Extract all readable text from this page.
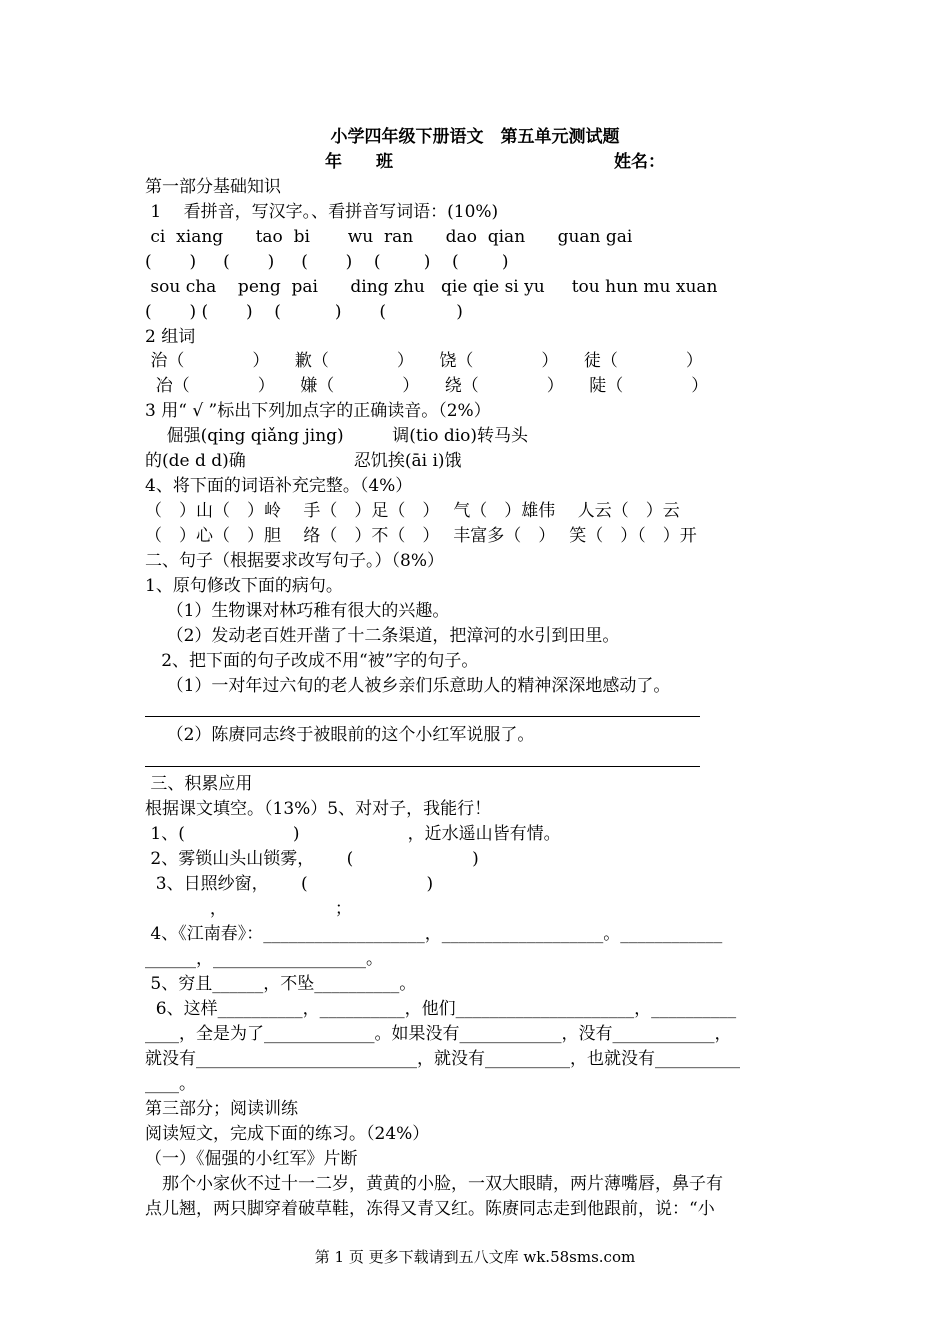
小学四年级下册语文　第五单元测试题
年　　班　　　　　　　　　　　　　姓名：
第一部分基础知识
1　 看拼音，写汉字。、看拼音写词语：(10%)
ci  xiang      tao  bi       wu  ran      dao  qian      guan gai
(       )     (       )     (       )    (        )    (        )
sou cha    peng  pai      ding zhu   qie qie si yu     tou hun mu xuan
(       ) (       )    (          )       (             )
2 组词
治（　　　　）　　歉（　　　　）　　饶（　　　　）　　徒（　　　　）
冶（　　　　）　　嫌（　　　　）　　绕（　　　　）　　陡（　　　　）
3 用“ √ ”标出下列加点字的正确读音。（2%）
倔强(qing qiǎng jing)         调(tio dio)转马头
的(de d d)确                    忍饥挨(āi i)饿
4、将下面的词语补充完整。（4%）
（　）山（　）岭　 手（　）足（　）　 气（　）雄伟　 人云（　）云
（　）心（　）胆　 络（　）不（　）　 丰富多（　）　 笑（　）（　）开
二、句子（根据要求改写句子。）（8%）
1、原句修改下面的病句。
（1）生物课对林巧稚有很大的兴趣。
（2）发动老百姓开凿了十二条渠道，把漳河的水引到田里。
2、把下面的句子改成不用“被”字的句子。
（1）一对年过六旬的老人被乡亲们乐意助人的精神深深地感动了。
（2）陈赓同志终于被眼前的这个小红军说服了。
三、积累应用
根据课文填空。（13%）5、对对子，我能行！
1、(                    )                    ，近水遥山皆有情。
2、雾锁山头山锁雾，      (                      )
3、日照纱窗，      (                      )
，                    ；
4、《江南春》：___________________，___________________。____________
______，__________________。
5、穷且______，不坠__________。
6、这样__________，__________，他们_____________________，__________
____，全是为了_____________。如果没有____________，没有____________，
就没有__________________________，就没有__________，也就没有__________
____。
第三部分；阅读训练
阅读短文，完成下面的练习。（24%）
（一）《倔强的小红军》片断
　那个小家伙不过十一二岁，黄黄的小脸，一双大眼睛，两片薄嘴唇，鼻子有
点儿翘，两只脚穿着破草鞋，冻得又青又红。陈赓同志走到他跟前，说：“小
第 1 页 更多下载请到五八文库 wk.58sms.com
